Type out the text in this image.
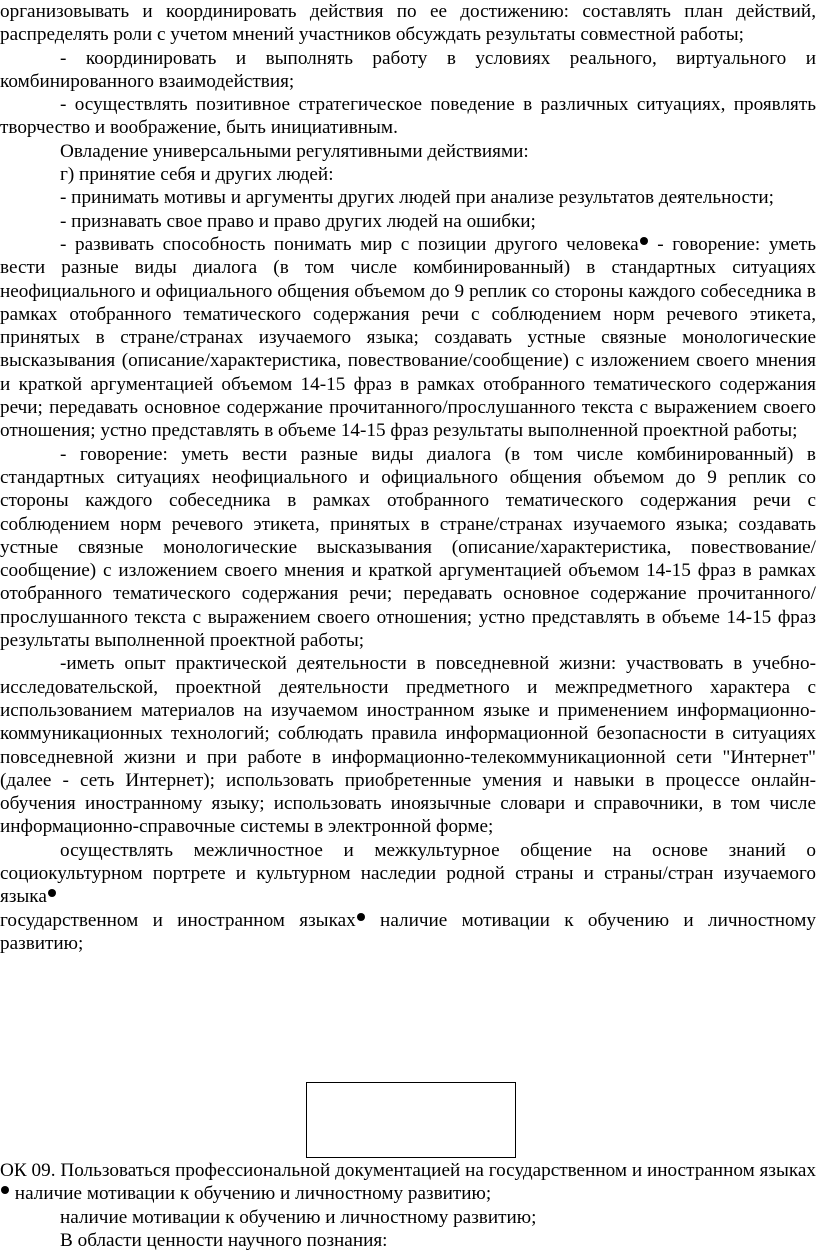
организовывать и координировать действия по ее достижению: составлять план действий, распределять роли с учетом мнений участников обсуждать результаты совместной работы;

- координировать и выполнять работу в условиях реального, виртуального и комбинированного взаимодействия;

- осуществлять позитивное стратегическое поведение в различных ситуациях, проявлять творчество и воображение, быть инициативным.

Овладение универсальными регулятивными действиями:

г) принятие себя и других людей:

- принимать мотивы и аргументы других людей при анализе результатов деятельности;

- признавать свое право и право других людей на ошибки;

- развивать способность понимать мир с позиции другого человека - говорение: уметь вести разные виды диалога (в том числе комбинированный) в стандартных ситуациях неофициального и официального общения объемом до 9 реплик со стороны каждого собеседника в рамках отобранного тематического содержания речи с соблюдением норм речевого этикета, принятых в стране/странах изучаемого языка; создавать устные связные монологические высказывания (описание/характеристика, повествование/сообщение) с изложением своего мнения и краткой аргументацией объемом 14-15 фраз в рамках отобранного тематического содержания речи; передавать основное содержание прочитанного/прослушанного текста с выражением своего отношения; устно представлять в объеме 14-15 фраз результаты выполненной проектной работы;

- говорение: уметь вести разные виды диалога (в том числе комбинированный) в стандартных ситуациях неофициального и официального общения объемом до 9 реплик со стороны каждого собеседника в рамках отобранного тематического содержания речи с соблюдением норм речевого этикета, принятых в стране/странах изучаемого языка; создавать устные связные монологические высказывания (описание/характеристика, повествование/сообщение) с изложением своего мнения и краткой аргументацией объемом 14-15 фраз в рамках отобранного тематического содержания речи; передавать основное содержание прочитанного/прослушанного текста с выражением своего отношения; устно представлять в объеме 14-15 фраз результаты выполненной проектной работы;

-иметь опыт практической деятельности в повседневной жизни: участвовать в учебно-исследовательской, проектной деятельности предметного и межпредметного характера с использованием материалов на изучаемом иностранном языке и применением информационно-коммуникационных технологий; соблюдать правила информационной безопасности в ситуациях повседневной жизни и при работе в информационно-телекоммуникационной сети "Интернет" (далее - сеть Интернет); использовать приобретенные умения и навыки в процессе онлайн-обучения иностранному языку; использовать иноязычные словари и справочники, в том числе информационно-справочные системы в электронной форме;

осуществлять межличностное и межкультурное общение на основе знаний о социокультурном портрете и культурном наследии родной страны и страны/стран изучаемого языка

государственном и иностранном языках наличие мотивации к обучению и личностному развитию;

ОК 09. Пользоваться профессиональной документацией на государственном и иностранном языках наличие мотивации к обучению и личностному развитию;

наличие мотивации к обучению и личностному развитию;

В области ценности научного познания:
